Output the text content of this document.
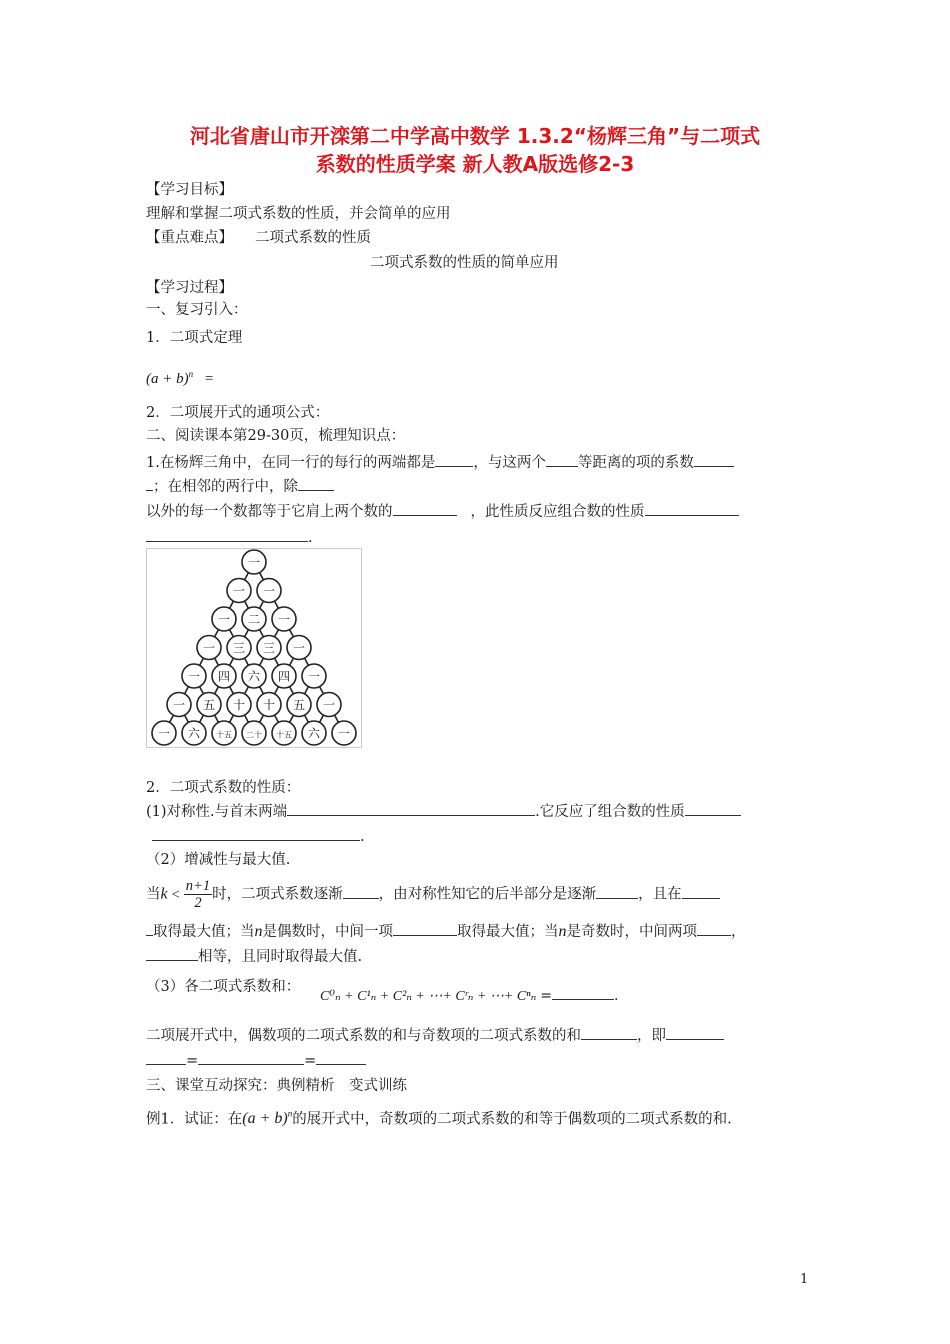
河北省唐山市开滦第二中学高中数学 1.3.2“杨辉三角”与二项式
系数的性质学案 新人教A版选修2-3
【学习目标】
理解和掌握二项式系数的性质，并会简单的应用
【重点难点】 二项式系数的性质
二项式系数的性质的简单应用
【学习过程】
一、复习引入：
1．二项式定理
$(a + b)^n$ =
2．二项展开式的通项公式：
二、阅读课本第29-30页，梳理知识点：
1.在杨辉三角中，在同一行的每行的两端都是	，与这两个 等距离的项的系数
；在相邻的两行中，除
以外的每一个数都等于它肩上两个数的	，此性质反应组合数的性质
.
一
一 一
一 二 一
一 三 三 一
一 四 六 四 一
一 五 十 十 五 一
一 六 十五 二十 十五 六 一
2．二项式系数的性质：
(1)对称性.与首末两端	.它反应了组合数的性质
.
（2）增减性与最大值.
当$k < \frac{n+1}{2}$ 时，二项式系数逐渐 ，由对称性知它的后半部分是逐渐	，且在
取得最大值；当n是偶数时，中间一项	取得最大值；当n是奇数时，中间两项 ，
相等，且同时取得最大值.
（3）各二项式系数和：
C⁰ₙ + C¹ₙ + C²ₙ + ⋯+ Cʳₙ + ⋯+ Cⁿₙ =	.
二项展开式中，偶数项的二项式系数的和与奇数项的二项式系数的和	，即
=	=
三、课堂互动探究：典例精析　变式训练
例1．试证：在$(a + b)^n$的展开式中，奇数项的二项式系数的和等于偶数项的二项式系数的和.
1
